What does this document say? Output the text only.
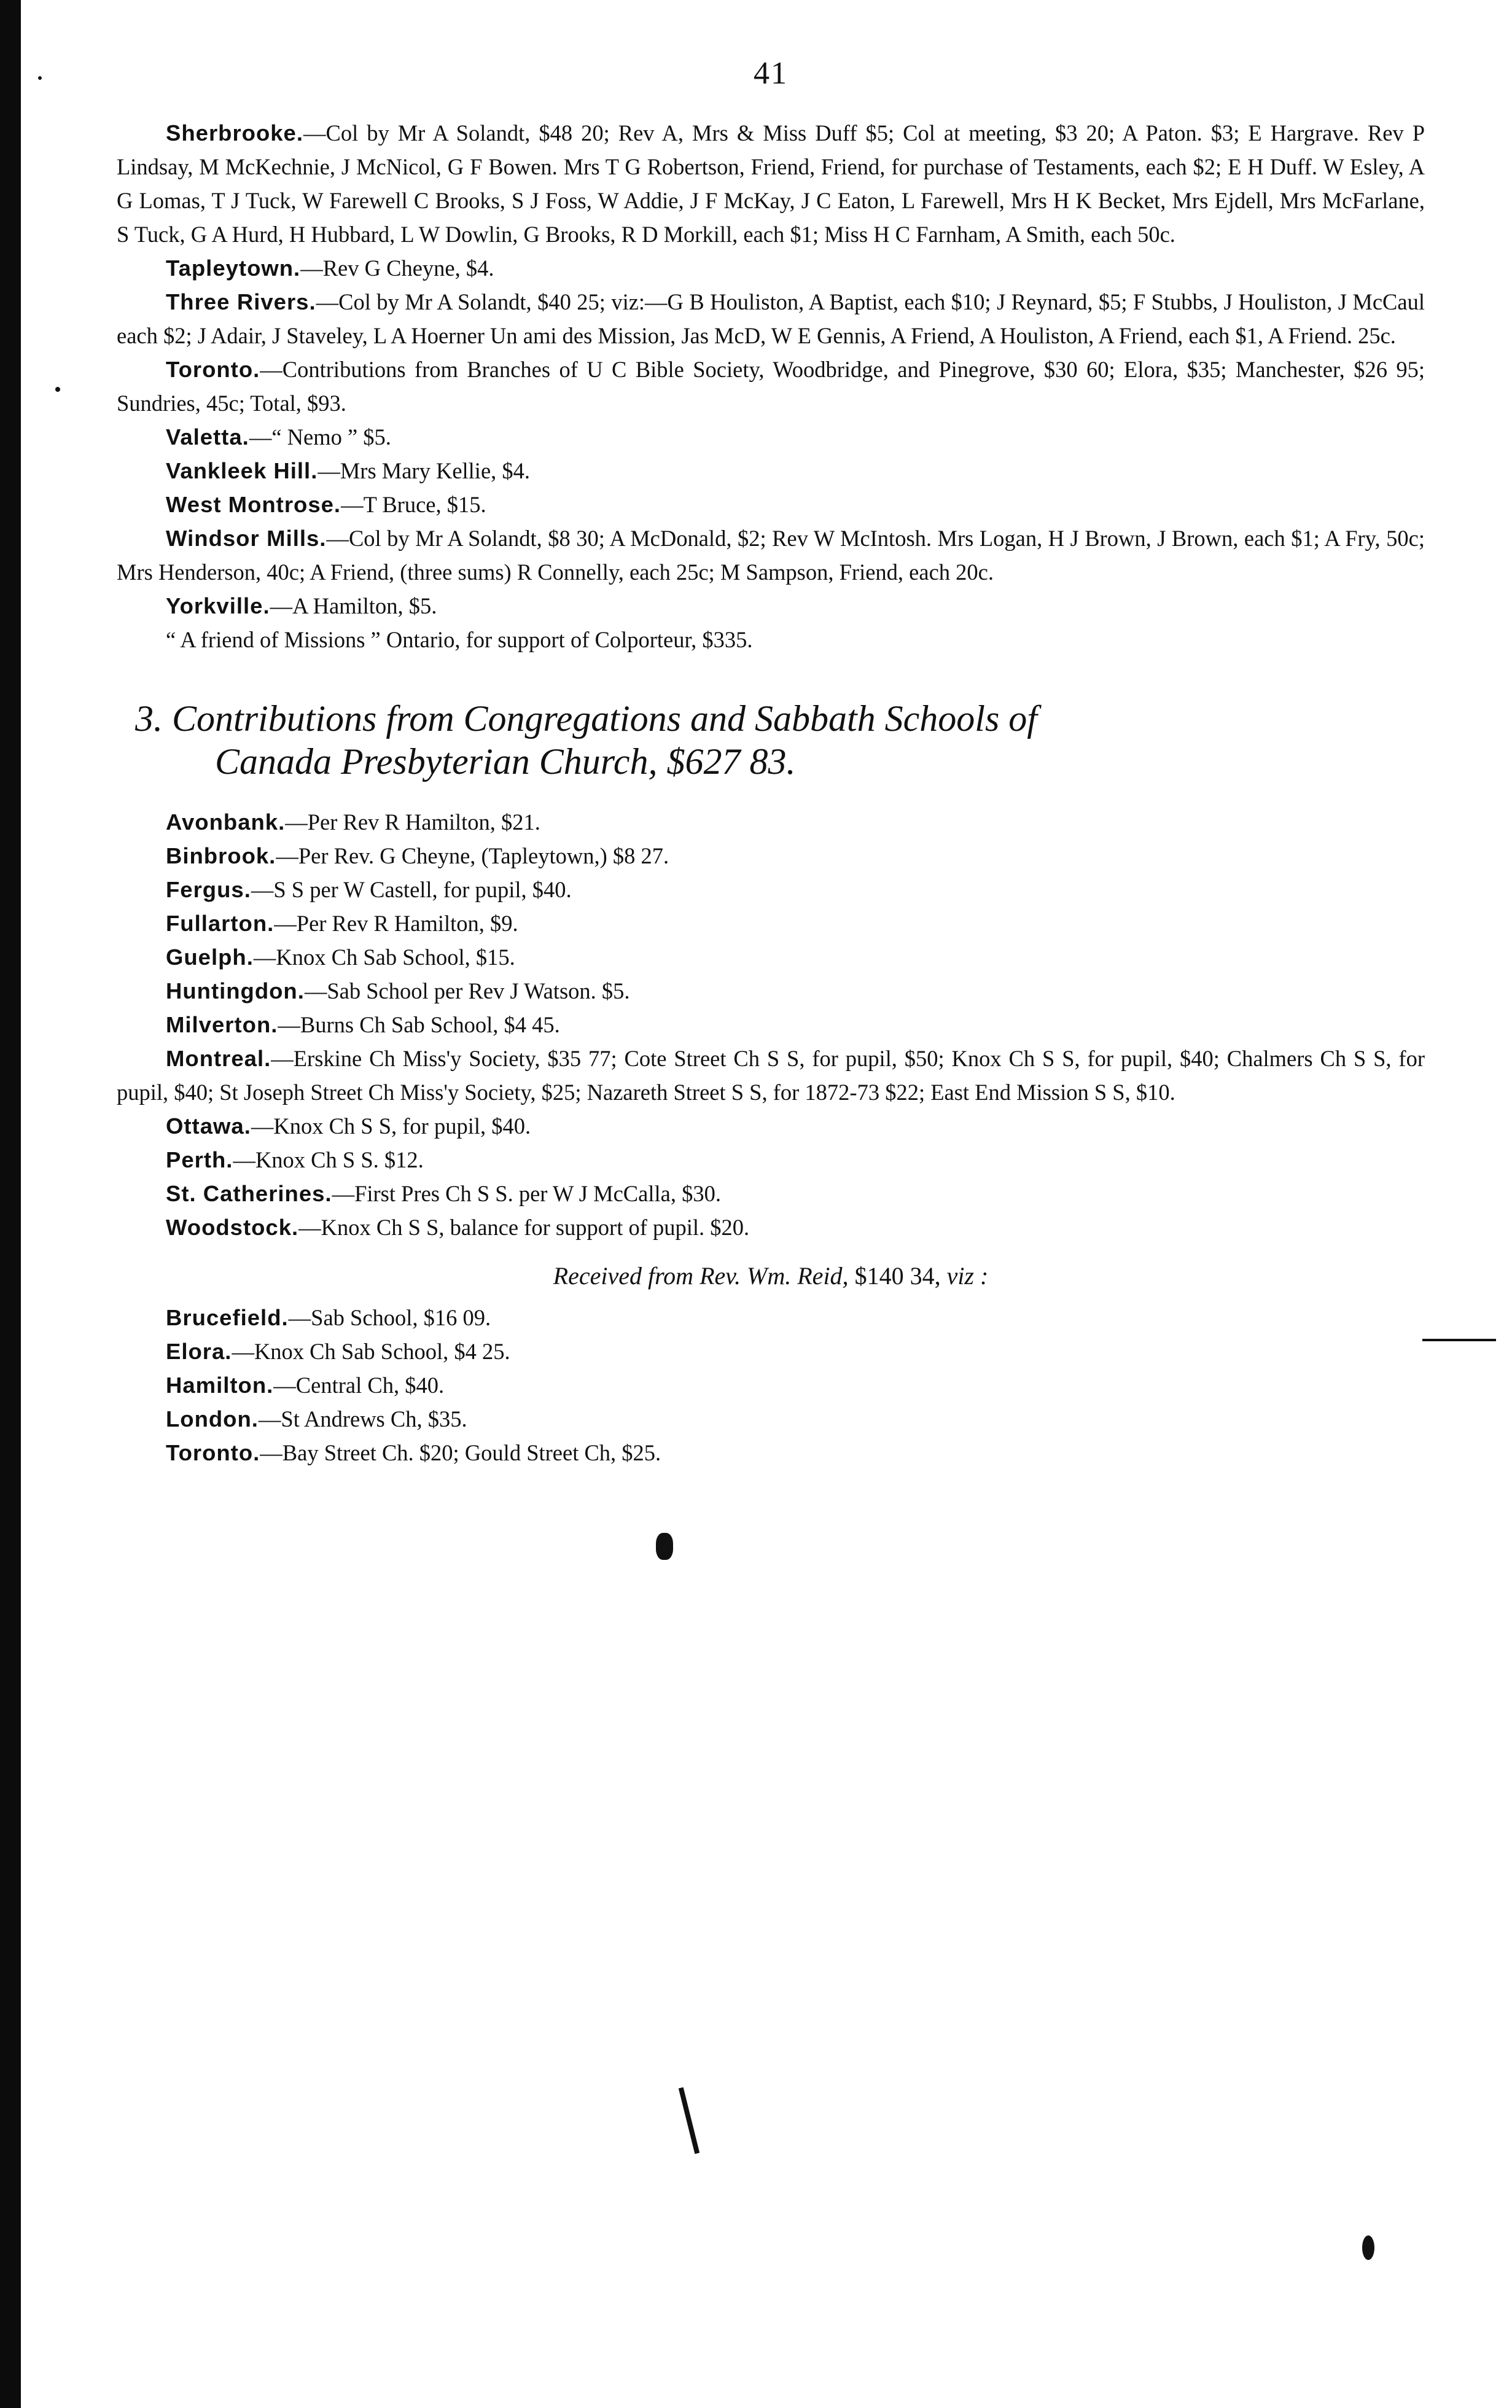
41

Sherbrooke.—Col by Mr A Solandt, $48 20; Rev A, Mrs & Miss Duff $5; Col at meeting, $3 20; A Paton. $3; E Hargrave. Rev P Lindsay, M McKechnie, J McNicol, G F Bowen. Mrs T G Robertson, Friend, Friend, for purchase of Testaments, each $2; E H Duff. W Esley, A G Lomas, T J Tuck, W Farewell C Brooks, S J Foss, W Addie, J F McKay, J C Eaton, L Farewell, Mrs H K Becket, Mrs Ejdell, Mrs McFarlane, S Tuck, G A Hurd, H Hubbard, L W Dowlin, G Brooks, R D Morkill, each $1; Miss H C Farnham, A Smith, each 50c.

Tapleytown.—Rev G Cheyne, $4.

Three Rivers.—Col by Mr A Solandt, $40 25; viz:—G B Houliston, A Baptist, each $10; J Reynard, $5; F Stubbs, J Houliston, J McCaul each $2; J Adair, J Staveley, L A Hoerner Un ami des Mission, Jas McD, W E Gennis, A Friend, A Houliston, A Friend, each $1, A Friend. 25c.

Toronto.—Contributions from Branches of U C Bible Society, Woodbridge, and Pinegrove, $30 60; Elora, $35; Manchester, $26 95; Sundries, 45c; Total, $93.

Valetta.—“ Nemo ” $5.

Vankleek Hill.—Mrs Mary Kellie, $4.

West Montrose.—T Bruce, $15.

Windsor Mills.—Col by Mr A Solandt, $8 30; A McDonald, $2; Rev W McIntosh. Mrs Logan, H J Brown, J Brown, each $1; A Fry, 50c; Mrs Henderson, 40c; A Friend, (three sums) R Connelly, each 25c; M Sampson, Friend, each 20c.

Yorkville.—A Hamilton, $5.

“ A friend of Missions ” Ontario, for support of Colporteur, $335.

3. Contributions from Congregations and Sabbath Schools of
Canada Presbyterian Church, $627 83.

Avonbank.—Per Rev R Hamilton, $21.

Binbrook.—Per Rev. G Cheyne, (Tapleytown,) $8 27.

Fergus.—S S per W Castell, for pupil, $40.

Fullarton.—Per Rev R Hamilton, $9.

Guelph.—Knox Ch Sab School, $15.

Huntingdon.—Sab School per Rev J Watson. $5.

Milverton.—Burns Ch Sab School, $4 45.

Montreal.—Erskine Ch Miss'y Society, $35 77; Cote Street Ch S S, for pupil, $50; Knox Ch S S, for pupil, $40; Chalmers Ch S S, for pupil, $40; St Joseph Street Ch Miss'y Society, $25; Nazareth Street S S, for 1872-73 $22; East End Mission S S, $10.

Ottawa.—Knox Ch S S, for pupil, $40.

Perth.—Knox Ch S S. $12.

St. Catherines.—First Pres Ch S S. per W J McCalla, $30.

Woodstock.—Knox Ch S S, balance for support of pupil. $20.

Received from Rev. Wm. Reid, $140 34, viz :

Brucefield.—Sab School, $16 09.

Elora.—Knox Ch Sab School, $4 25.

Hamilton.—Central Ch, $40.

London.—St Andrews Ch, $35.

Toronto.—Bay Street Ch. $20; Gould Street Ch, $25.
